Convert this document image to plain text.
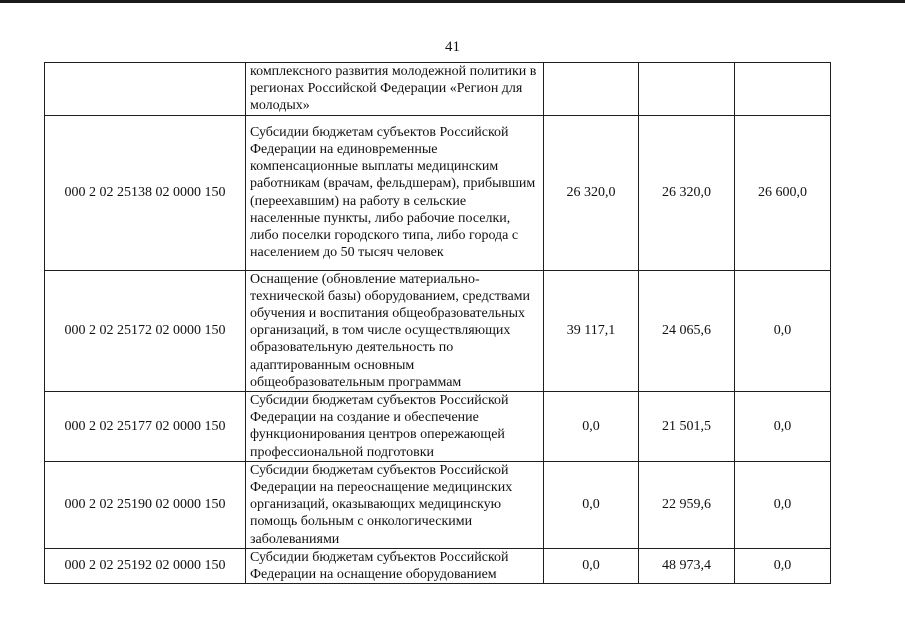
41
	комплексного развития молодежной политики в регионах Российской Федерации «Регион для молодых»			
000 2 02 25138 02 0000 150	Субсидии бюджетам субъектов Российской Федерации на единовременные компенсационные выплаты медицинским работникам (врачам, фельдшерам), прибывшим (переехавшим) на работу в сельские населенные пункты, либо рабочие поселки, либо поселки городского типа, либо города с населением до 50 тысяч человек	26 320,0	26 320,0	26 600,0
000 2 02 25172 02 0000 150	Оснащение (обновление материально-технической базы) оборудованием, средствами обучения и воспитания общеобразовательных организаций, в том числе осуществляющих образовательную деятельность по адаптированным основным общеобразовательным программам	39 117,1	24 065,6	0,0
000 2 02 25177 02 0000 150	Субсидии бюджетам субъектов Российской Федерации на создание и обеспечение функционирования центров опережающей профессиональной подготовки	0,0	21 501,5	0,0
000 2 02 25190 02 0000 150	Субсидии бюджетам субъектов Российской Федерации на переоснащение медицинских организаций, оказывающих медицинскую помощь больным с онкологическими заболеваниями	0,0	22 959,6	0,0
000 2 02 25192 02 0000 150	Субсидии бюджетам субъектов Российской Федерации на оснащение оборудованием	0,0	48 973,4	0,0
